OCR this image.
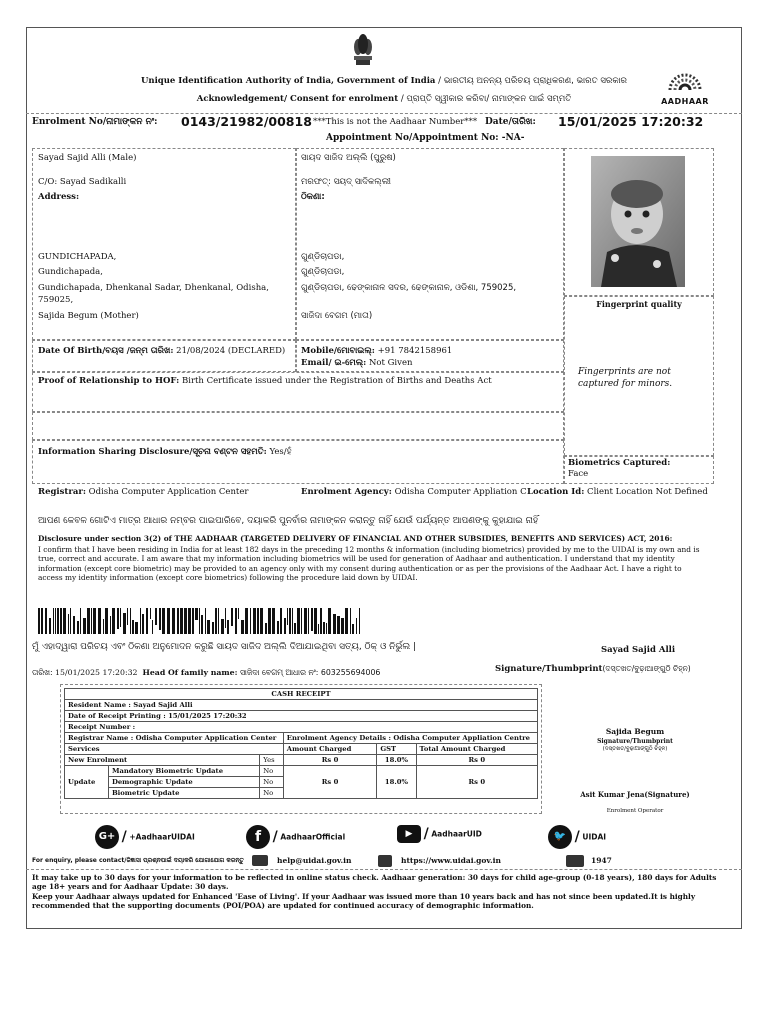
Unique Identification Authority of India, Government of India / ଭାରତୀୟ ଅନନ୍ୟ ପରିଚୟ ପ୍ରାଧିକରଣ, ଭାରତ ସରକାର
Acknowledgement/ Consent for enrolment / ପ୍ରାପ୍ତି ସ୍ୱୀକାର କରିବା/ ନାମାଙ୍କନ ପାଇଁ ସମ୍ମତି	AADHAAR
Enrolment No/ନାମାଙ୍କନ ନଂ: 0143/21982/00818 ***This is not the Aadhaar Number*** Date/ତାରିଖ: 15/01/2025 17:20:32
Appointment No/Appointment No: -NA-
Sayad Sajid Alli (Male)
C/O: Sayad Sadikalli
Address:
GUNDICHAPADA,
Gundichapada,
Gundichapada, Dhenkanal Sadar, Dhenkanal, Odisha,
759025,
Sajida Begum (Mother)
ସାୟଦ ସାଜିଦ ଅଲ୍ଲି (ପୁରୁଷ)
ମରଫତ୍: ସୟଦ୍ ସାଦିକଲ୍ଲୀ
ଠିକଣା:
ଗୁଣ୍ଡିଚାପଡା,
ଗୁଣ୍ଡିଚାପଡା,
ଗୁଣ୍ଡିଚାପଡା, ଢେଙ୍କାନାଳ ସଦର, ଢେଙ୍କାନାଳ, ଓଡିଶା, 759025,
ସାଜିଦା ବେଗମ (ମାତା)
Fingerprint quality
Fingerprints are not captured for minors.
Date Of Birth/ବୟସ /ଜନ୍ମ ତାରିଖ: 21/08/2024 (DECLARED) Mobile/ମୋବାଇଲ୍: +91 7842158961
Email/ ଇ-ମେଲ୍: Not Given
Proof of Relationship to HOF: Birth Certificate issued under the Registration of Births and Deaths Act
Information Sharing Disclosure/ସୂଚନା ବଣ୍ଟନ ସହମତି: Yes/ହଁ
Biometrics Captured:
Face
Registrar: Odisha Computer Application Center	Enrolment Agency: Odisha Computer Appliation C Location Id: Client Location Not Defined
ଆପଣ କେବଳ ଗୋଟିଏ ମାତ୍ର ଆଧାର ନମ୍ବର ପାଇପାରିବେ, ଦୟାକରି ପୁନର୍ବାର ନାମାଙ୍କନ କରାନ୍ତୁ ନାହିଁ ଯେଉଁ ପର୍ଯ୍ୟନ୍ତ ଆପଣଙ୍କୁ କୁହାଯାଇ ନାହିଁ
Disclosure under section 3(2) of THE AADHAAR (TARGETED DELIVERY OF FINANCIAL AND OTHER SUBSIDIES, BENEFITS AND SERVICES) ACT, 2016:
I confirm that I have been residing in India for at least 182 days in the preceding 12 months & information (including biometrics) provided by me to the UIDAI is my own and is true, correct and accurate. I am aware that my information including biometrics will be used for generation of Aadhaar and authentication. I understand that my identity information (except core biometric) may be provided to an agency only with my consent during authentication or as per the provisions of the Aadhaar Act. I have a right to access my identity information (except core biometrics) following the procedure laid down by UIDAI.
ମୁଁ ଏହାଦ୍ୱାରା ପରିଚୟ ଏବଂ ଠିକଣା ଅନୁମୋଦନ କରୁଛି ସାୟଦ ସାଜିଦ ଅଲ୍ଲି ଦିଆଯାଇଥିବା ସତ୍ୟ, ଠିକ୍ ଓ ନିର୍ଭୁଲ |	Sayad Sajid Alli
ତାରିଖ: 15/01/2025 17:20:32 Head Of family name: ସାଜିଦା ବେଗମ୍ ଆଧାର ନଂ: 603255694006	Signature/Thumbprint(ଦସ୍ତଖତ/ବୁଢ଼ାଆଙ୍ଗୁଠି ଚିହ୍ନ)
CASH RECEIPT					
Resident Name : Sayad Sajid Alli					
Date of Receipt Printing : 15/01/2025 17:20:32					
Receipt Number :					
Registrar Name : Odisha Computer Application Center			Enrolment Agency Details : Odisha Computer Appliation Centre		
Services			Amount Charged	GST	Total Amount Charged
New Enrolment		Yes	Rs 0	18.0%	Rs 0
Update	Mandatory Biometric Update	No	Rs 0	18.0%	Rs 0
	Demographic Update	No			
	Biometric Update	No			
Sajida Begum
Signature/Thumbprint
(ଦସ୍ତଖତ/ବୁଢ଼ାଆଙ୍ଗୁଠି ଚିହ୍ନ)
Asit Kumar Jena(Signature)
Enrolment Operator
G+ / +AadhaarUIDAI	f / AadhaarOfficial	▶ / AadhaarUID	🐦 / UIDAI
For enquiry, please contact/ଜିଜ୍ଞାସା ପ୍ରଶ୍ନପାଇଁ ଦୟାକରି ଯୋଗାଯୋଗ କରନ୍ତୁ	help@uidai.gov.in	https://www.uidai.gov.in	1947
It may take up to 30 days for your information to be reflected in online status check. Aadhaar generation: 30 days for child age-group (0-18 years), 180 days for Adults age 18+ years and for Aadhaar Update: 30 days.
Keep your Aadhaar always updated for Enhanced 'Ease of Living'. If your Aadhaar was issued more than 10 years back and has not since been updated.It is highly recommended that the supporting documents (POI/POA) are updated for continued accuracy of demographic information.
